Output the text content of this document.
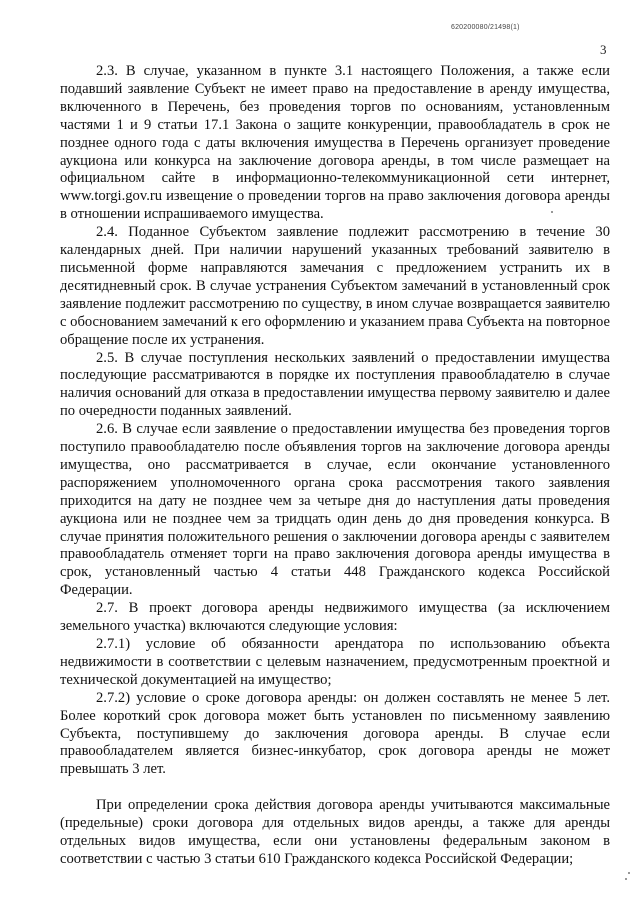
620200080/21498(1)
3

2.3. В случае, указанном в пункте 3.1 настоящего Положения, а также если подавший заявление Субъект не имеет право на предоставление в аренду имущества, включенного в Перечень, без проведения торгов по основаниям, установленным частями 1 и 9 статьи 17.1 Закона о защите конкуренции, правообладатель в срок не позднее одного года с даты включения имущества в Перечень организует проведение аукциона или конкурса на заключение договора аренды, в том числе размещает на официальном сайте в информационно-телекоммуникационной сети интернет, www.torgi.gov.ru извещение о проведении торгов на право заключения договора аренды в отношении испрашиваемого имущества.

2.4. Поданное Субъектом заявление подлежит рассмотрению в течение 30 календарных дней. При наличии нарушений указанных требований заявителю в письменной форме направляются замечания с предложением устранить их в десятидневный срок. В случае устранения Субъектом замечаний в установленный срок заявление подлежит рассмотрению по существу, в ином случае возвращается заявителю с обоснованием замечаний к его оформлению и указанием права Субъекта на повторное обращение после их устранения.

2.5. В случае поступления нескольких заявлений о предоставлении имущества последующие рассматриваются в порядке их поступления правообладателю в случае наличия оснований для отказа в предоставлении имущества первому заявителю и далее по очередности поданных заявлений.

2.6. В случае если заявление о предоставлении имущества без проведения торгов поступило правообладателю после объявления торгов на заключение договора аренды имущества, оно рассматривается в случае, если окончание установленного распоряжением уполномоченного органа срока рассмотрения такого заявления приходится на дату не позднее чем за четыре дня до наступления даты проведения аукциона или не позднее чем за тридцать один день до дня проведения конкурса. В случае принятия положительного решения о заключении договора аренды с заявителем правообладатель отменяет торги на право заключения договора аренды имущества в срок, установленный частью 4 статьи 448 Гражданского кодекса Российской Федерации.

2.7. В проект договора аренды недвижимого имущества (за исключением земельного участка) включаются следующие условия:

2.7.1) условие об обязанности арендатора по использованию объекта недвижимости в соответствии с целевым назначением, предусмотренным проектной и технической документацией на имущество;

2.7.2) условие о сроке договора аренды: он должен составлять не менее 5 лет. Более короткий срок договора может быть установлен по письменному заявлению Субъекта, поступившему до заключения договора аренды. В случае если правообладателем является бизнес-инкубатор, срок договора аренды не может превышать 3 лет.

При определении срока действия договора аренды учитываются максимальные (предельные) сроки договора для отдельных видов аренды, а также для аренды отдельных видов имущества, если они установлены федеральным законом в соответствии с частью 3 статьи 610 Гражданского кодекса Российской Федерации;
